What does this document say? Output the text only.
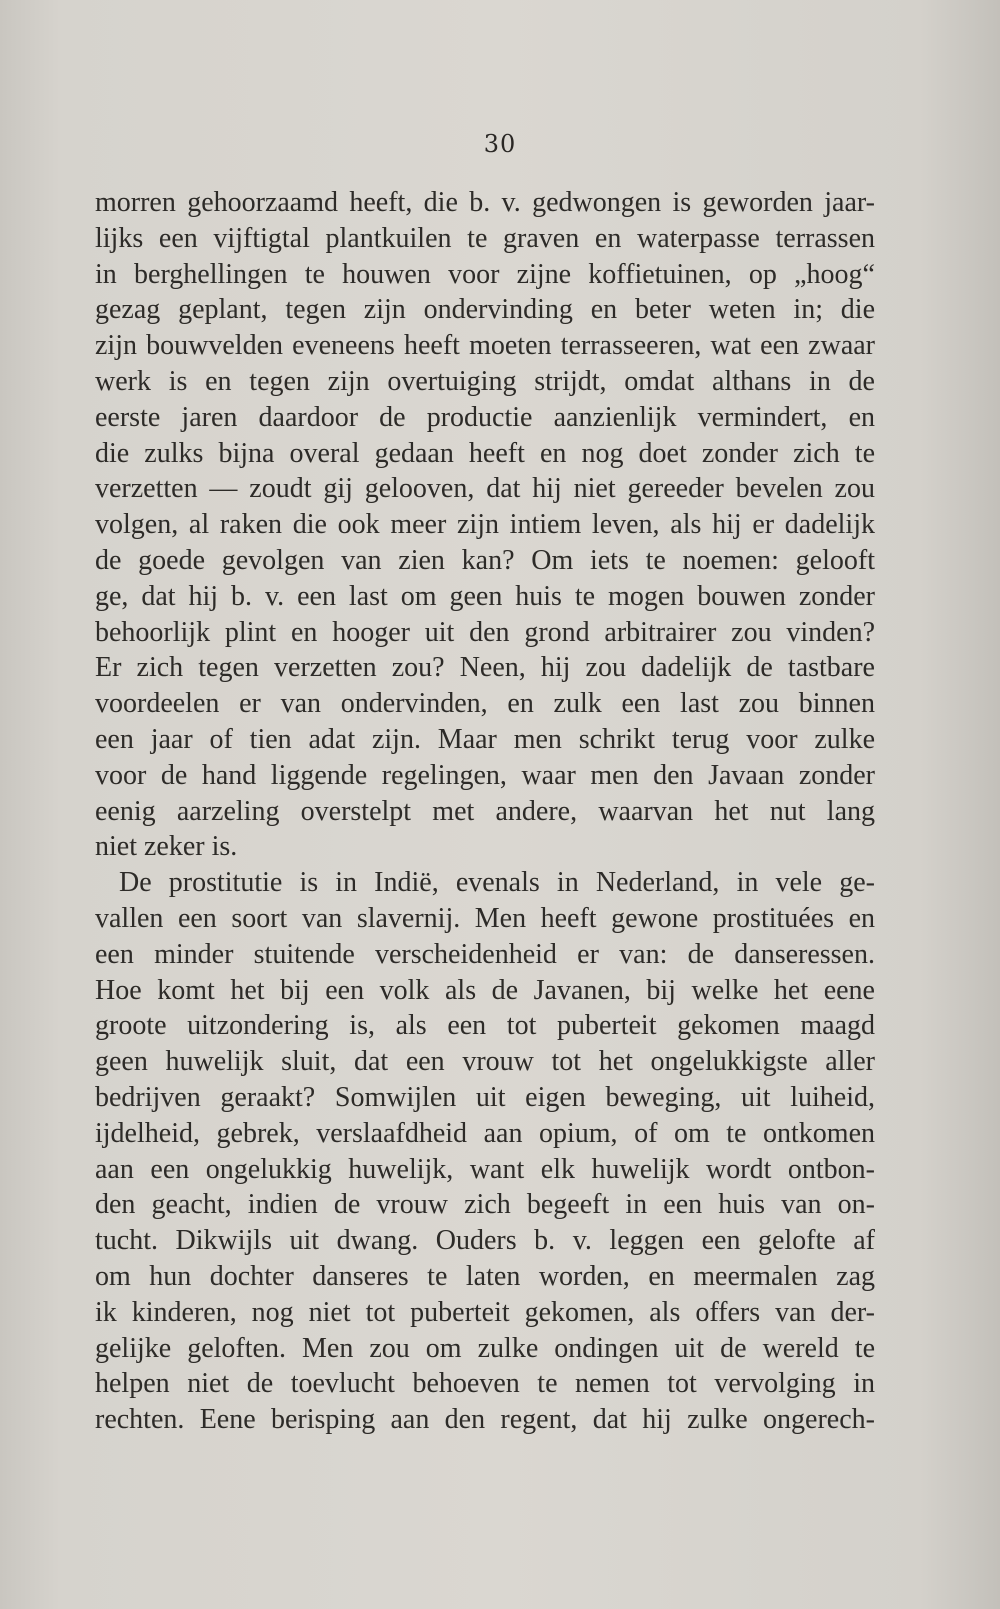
30
morren gehoorzaamd heeft, die b. v. gedwongen is geworden jaar-
lijks een vijftigtal plantkuilen te graven en waterpasse terrassen
in berghellingen te houwen voor zijne koffietuinen, op „hoog“
gezag geplant, tegen zijn ondervinding en beter weten in; die
zijn bouwvelden eveneens heeft moeten terrasseeren, wat een zwaar
werk is en tegen zijn overtuiging strijdt, omdat althans in de
eerste jaren daardoor de productie aanzienlijk vermindert, en
die zulks bijna overal gedaan heeft en nog doet zonder zich te
verzetten — zoudt gij gelooven, dat hij niet gereeder bevelen zou
volgen, al raken die ook meer zijn intiem leven, als hij er dadelijk
de goede gevolgen van zien kan? Om iets te noemen: gelooft
ge, dat hij b. v. een last om geen huis te mogen bouwen zonder
behoorlijk plint en hooger uit den grond arbitrairer zou vinden?
Er zich tegen verzetten zou? Neen, hij zou dadelijk de tastbare
voordeelen er van ondervinden, en zulk een last zou binnen
een jaar of tien adat zijn. Maar men schrikt terug voor zulke
voor de hand liggende regelingen, waar men den Javaan zonder
eenig aarzeling overstelpt met andere, waarvan het nut lang
niet zeker is.
De prostitutie is in Indië, evenals in Nederland, in vele ge-
vallen een soort van slavernij. Men heeft gewone prostituées en
een minder stuitende verscheidenheid er van: de danseressen.
Hoe komt het bij een volk als de Javanen, bij welke het eene
groote uitzondering is, als een tot puberteit gekomen maagd
geen huwelijk sluit, dat een vrouw tot het ongelukkigste aller
bedrijven geraakt? Somwijlen uit eigen beweging, uit luiheid,
ijdelheid, gebrek, verslaafdheid aan opium, of om te ontkomen
aan een ongelukkig huwelijk, want elk huwelijk wordt ontbon-
den geacht, indien de vrouw zich begeeft in een huis van on-
tucht. Dikwijls uit dwang. Ouders b. v. leggen een gelofte af
om hun dochter danseres te laten worden, en meermalen zag
ik kinderen, nog niet tot puberteit gekomen, als offers van der-
gelijke geloften. Men zou om zulke ondingen uit de wereld te
helpen niet de toevlucht behoeven te nemen tot vervolging in
rechten. Eene berisping aan den regent, dat hij zulke ongerech-
